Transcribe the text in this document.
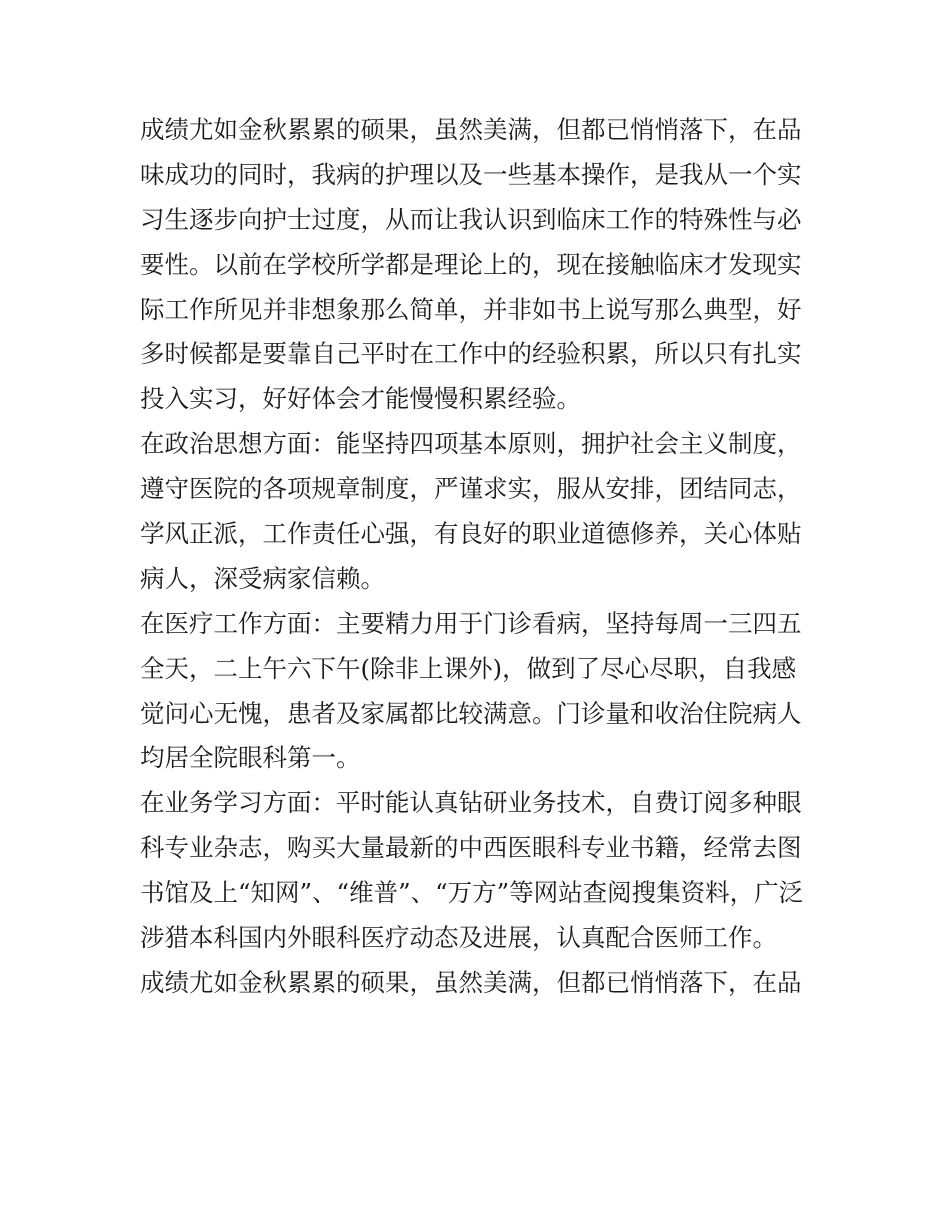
成绩尤如金秋累累的硕果，虽然美满，但都已悄悄落下，在品
味成功的同时，我病的护理以及一些基本操作，是我从一个实
习生逐步向护士过度，从而让我认识到临床工作的特殊性与必
要性。以前在学校所学都是理论上的，现在接触临床才发现实
际工作所见并非想象那么简单，并非如书上说写那么典型，好
多时候都是要靠自己平时在工作中的经验积累，所以只有扎实
投入实习，好好体会才能慢慢积累经验。
在政治思想方面：能坚持四项基本原则，拥护社会主义制度，
遵守医院的各项规章制度，严谨求实，服从安排，团结同志，
学风正派，工作责任心强，有良好的职业道德修养，关心体贴
病人，深受病家信赖。
在医疗工作方面：主要精力用于门诊看病，坚持每周一三四五
全天，二上午六下午(除非上课外)，做到了尽心尽职，自我感
觉问心无愧，患者及家属都比较满意。门诊量和收治住院病人
均居全院眼科第一。
在业务学习方面：平时能认真钻研业务技术，自费订阅多种眼
科专业杂志，购买大量最新的中西医眼科专业书籍，经常去图
书馆及上“知网”、“维普”、“万方”等网站查阅搜集资料，广泛
涉猎本科国内外眼科医疗动态及进展，认真配合医师工作。
成绩尤如金秋累累的硕果，虽然美满，但都已悄悄落下，在品
